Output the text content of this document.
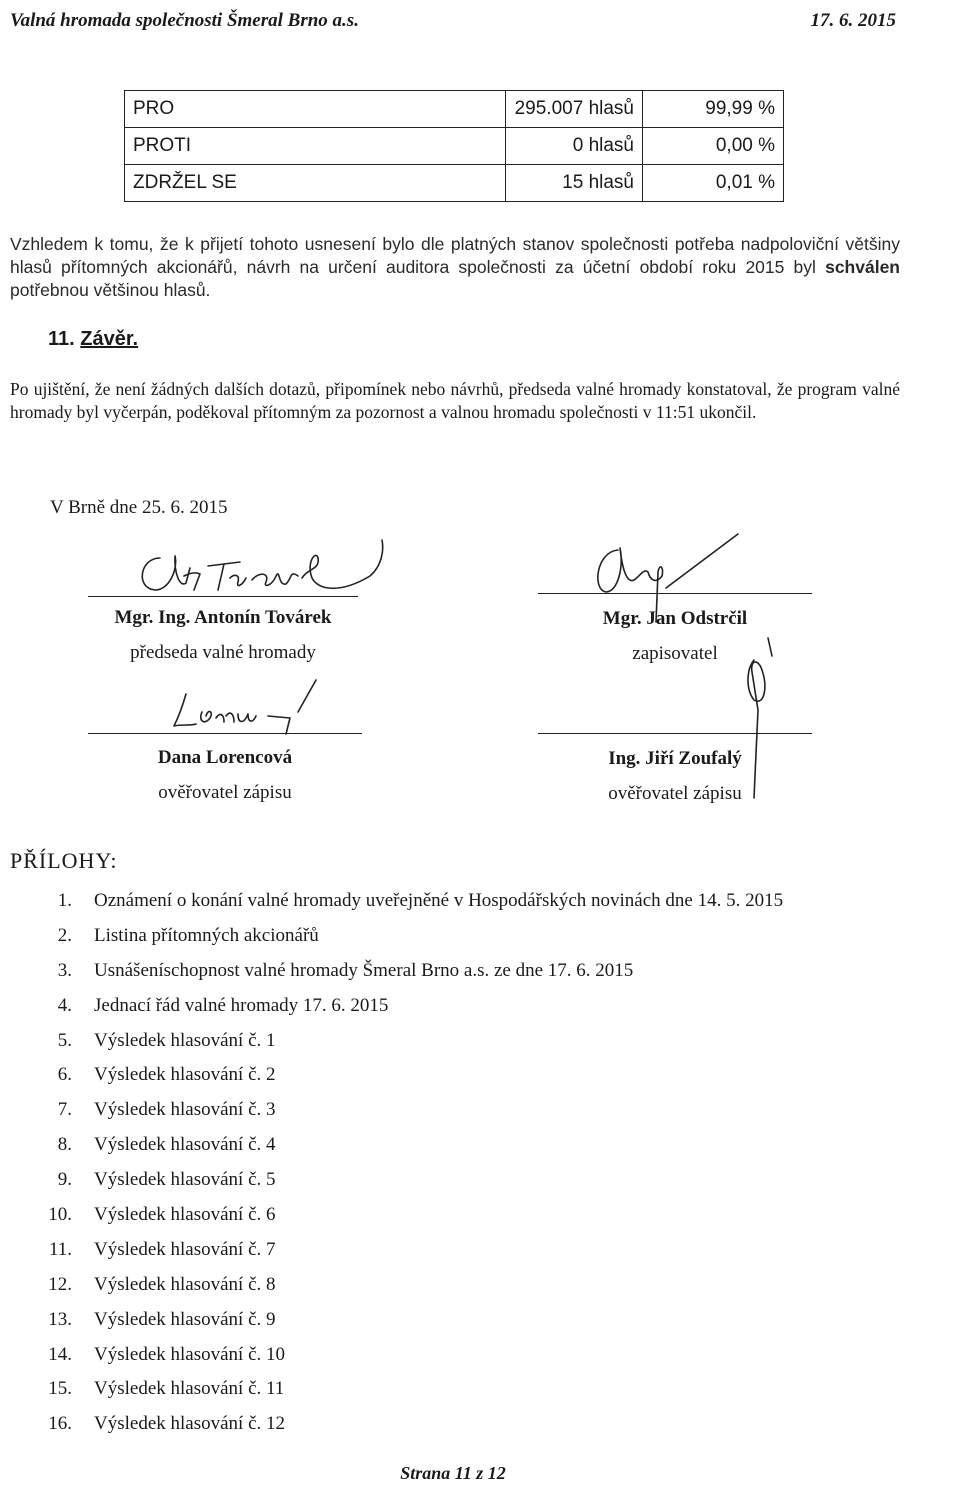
Valná hromada společnosti Šmeral Brno a.s.	17. 6. 2015
PRO	295.007 hlasů	99,99 %
PROTI	0 hlasů	0,00 %
ZDRŽEL SE	15 hlasů	0,01 %
Vzhledem k tomu, že k přijetí tohoto usnesení bylo dle platných stanov společnosti potřeba nadpoloviční většiny hlasů přítomných akcionářů, návrh na určení auditora společnosti za účetní období roku 2015 byl schválen potřebnou většinou hlasů.
11. Závěr.
Po ujištění, že není žádných dalších dotazů, připomínek nebo návrhů, předseda valné hromady konstatoval, že program valné hromady byl vyčerpán, poděkoval přítomným za pozornost a valnou hromadu společnosti v 11:51 ukončil.
V Brně dne 25. 6. 2015
Mgr. Ing. Antonín Továrek
předseda valné hromady
Mgr. Jan Odstrčil
zapisovatel
Dana Lorencová
ověřovatel zápisu
Ing. Jiří Zoufalý
ověřovatel zápisu
PŘÍLOHY:
1. Oznámení o konání valné hromady uveřejněné v Hospodářských novinách dne 14. 5. 2015
2. Listina přítomných akcionářů
3. Usnášeníschopnost valné hromady Šmeral Brno a.s. ze dne 17. 6. 2015
4. Jednací řád valné hromady 17. 6. 2015
5. Výsledek hlasování č. 1
6. Výsledek hlasování č. 2
7. Výsledek hlasování č. 3
8. Výsledek hlasování č. 4
9. Výsledek hlasování č. 5
10. Výsledek hlasování č. 6
11. Výsledek hlasování č. 7
12. Výsledek hlasování č. 8
13. Výsledek hlasování č. 9
14. Výsledek hlasování č. 10
15. Výsledek hlasování č. 11
16. Výsledek hlasování č. 12
Strana 11 z 12
